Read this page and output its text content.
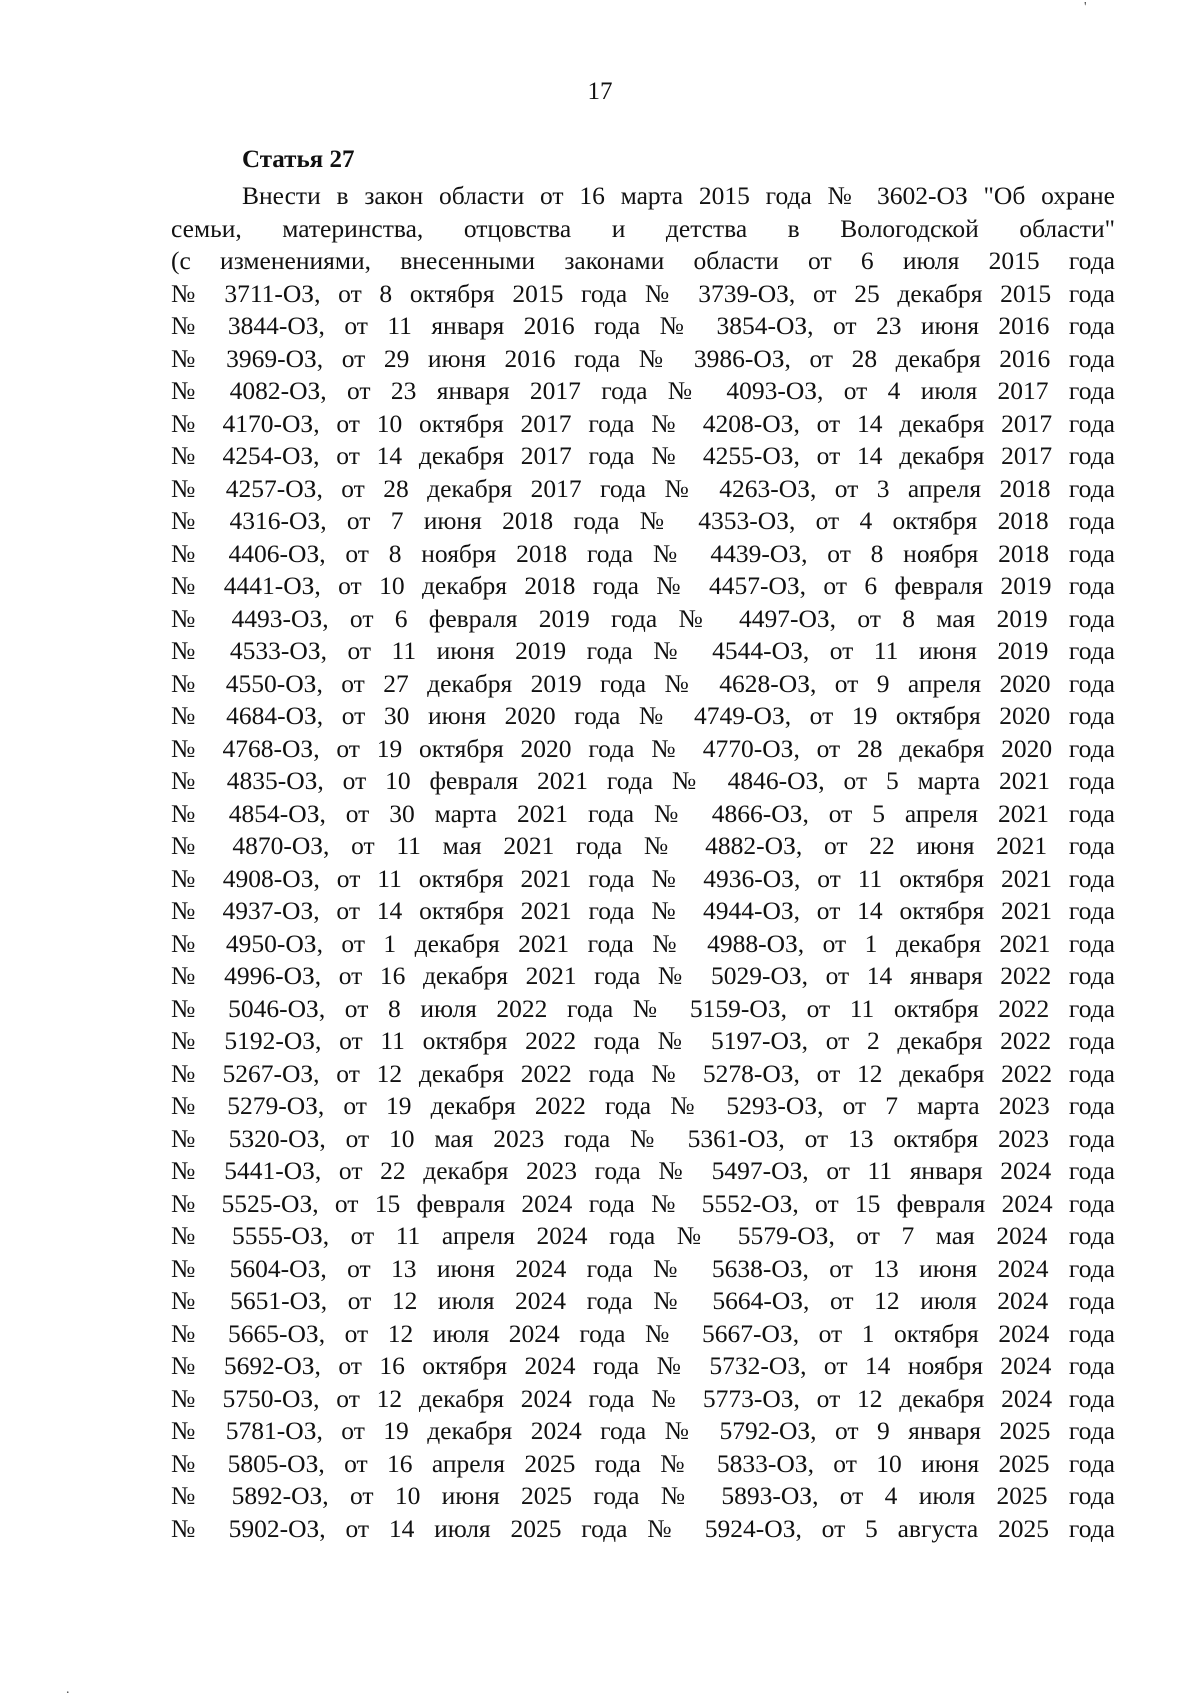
'
17
Статья 27
Внести в закон области от 16 марта 2015 года № 3602-ОЗ "Об охране
семьи, материнства, отцовства и детства в Вологодской области"
(с изменениями, внесенными законами области от 6 июля 2015 года
№ 3711-ОЗ, от 8 октября 2015 года № 3739-ОЗ, от 25 декабря 2015 года
№ 3844-ОЗ, от 11 января 2016 года № 3854-ОЗ, от 23 июня 2016 года
№ 3969-ОЗ, от 29 июня 2016 года № 3986-ОЗ, от 28 декабря 2016 года
№ 4082-ОЗ, от 23 января 2017 года № 4093-ОЗ, от 4 июля 2017 года
№ 4170-ОЗ, от 10 октября 2017 года № 4208-ОЗ, от 14 декабря 2017 года
№ 4254-ОЗ, от 14 декабря 2017 года № 4255-ОЗ, от 14 декабря 2017 года
№ 4257-ОЗ, от 28 декабря 2017 года № 4263-ОЗ, от 3 апреля 2018 года
№ 4316-ОЗ, от 7 июня 2018 года № 4353-ОЗ, от 4 октября 2018 года
№ 4406-ОЗ, от 8 ноября 2018 года № 4439-ОЗ, от 8 ноября 2018 года
№ 4441-ОЗ, от 10 декабря 2018 года № 4457-ОЗ, от 6 февраля 2019 года
№ 4493-ОЗ, от 6 февраля 2019 года № 4497-ОЗ, от 8 мая 2019 года
№ 4533-ОЗ, от 11 июня 2019 года № 4544-ОЗ, от 11 июня 2019 года
№ 4550-ОЗ, от 27 декабря 2019 года № 4628-ОЗ, от 9 апреля 2020 года
№ 4684-ОЗ, от 30 июня 2020 года № 4749-ОЗ, от 19 октября 2020 года
№ 4768-ОЗ, от 19 октября 2020 года № 4770-ОЗ, от 28 декабря 2020 года
№ 4835-ОЗ, от 10 февраля 2021 года № 4846-ОЗ, от 5 марта 2021 года
№ 4854-ОЗ, от 30 марта 2021 года № 4866-ОЗ, от 5 апреля 2021 года
№ 4870-ОЗ, от 11 мая 2021 года № 4882-ОЗ, от 22 июня 2021 года
№ 4908-ОЗ, от 11 октября 2021 года № 4936-ОЗ, от 11 октября 2021 года
№ 4937-ОЗ, от 14 октября 2021 года № 4944-ОЗ, от 14 октября 2021 года
№ 4950-ОЗ, от 1 декабря 2021 года № 4988-ОЗ, от 1 декабря 2021 года
№ 4996-ОЗ, от 16 декабря 2021 года № 5029-ОЗ, от 14 января 2022 года
№ 5046-ОЗ, от 8 июля 2022 года № 5159-ОЗ, от 11 октября 2022 года
№ 5192-ОЗ, от 11 октября 2022 года № 5197-ОЗ, от 2 декабря 2022 года
№ 5267-ОЗ, от 12 декабря 2022 года № 5278-ОЗ, от 12 декабря 2022 года
№ 5279-ОЗ, от 19 декабря 2022 года № 5293-ОЗ, от 7 марта 2023 года
№ 5320-ОЗ, от 10 мая 2023 года № 5361-ОЗ, от 13 октября 2023 года
№ 5441-ОЗ, от 22 декабря 2023 года № 5497-ОЗ, от 11 января 2024 года
№ 5525-ОЗ, от 15 февраля 2024 года № 5552-ОЗ, от 15 февраля 2024 года
№ 5555-ОЗ, от 11 апреля 2024 года № 5579-ОЗ, от 7 мая 2024 года
№ 5604-ОЗ, от 13 июня 2024 года № 5638-ОЗ, от 13 июня 2024 года
№ 5651-ОЗ, от 12 июля 2024 года № 5664-ОЗ, от 12 июля 2024 года
№ 5665-ОЗ, от 12 июля 2024 года № 5667-ОЗ, от 1 октября 2024 года
№ 5692-ОЗ, от 16 октября 2024 года № 5732-ОЗ, от 14 ноября 2024 года
№ 5750-ОЗ, от 12 декабря 2024 года № 5773-ОЗ, от 12 декабря 2024 года
№ 5781-ОЗ, от 19 декабря 2024 года № 5792-ОЗ, от 9 января 2025 года
№ 5805-ОЗ, от 16 апреля 2025 года № 5833-ОЗ, от 10 июня 2025 года
№ 5892-ОЗ, от 10 июня 2025 года № 5893-ОЗ, от 4 июля 2025 года
№ 5902-ОЗ, от 14 июля 2025 года № 5924-ОЗ, от 5 августа 2025 года
.
